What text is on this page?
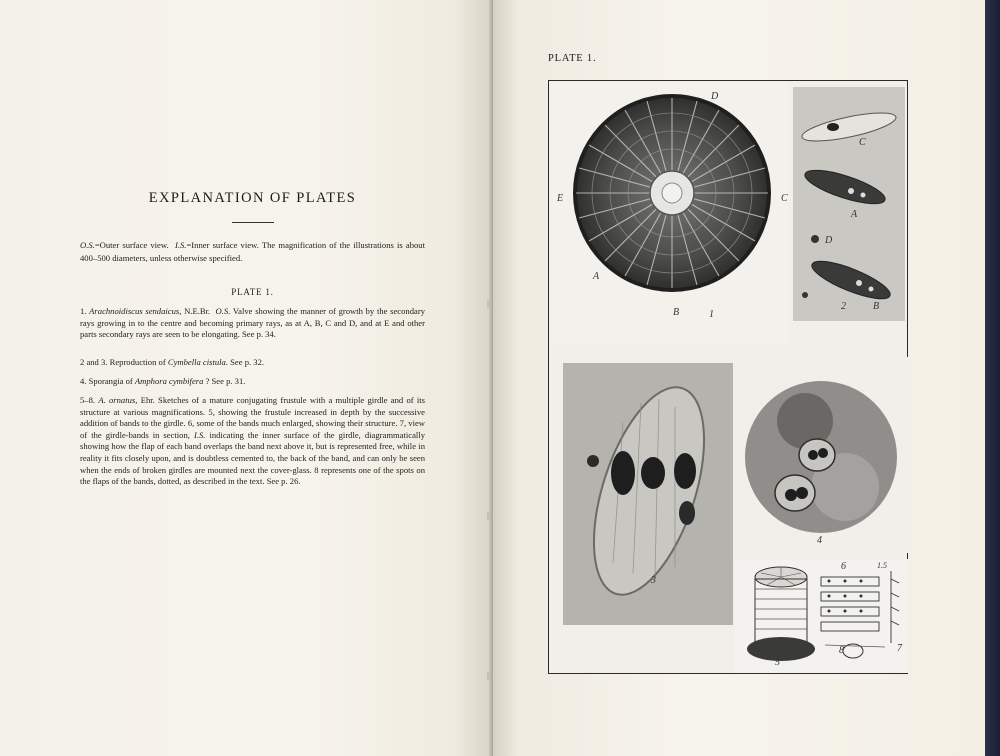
EXPLANATION OF PLATES
O.S.=Outer surface view. I.S.=Inner surface view. The magnification of the illustrations is about 400–500 diameters, unless otherwise specified.
PLATE 1.
1. Arachnoidiscus sendaicus, N.E.Br. O.S. Valve showing the manner of growth by the secondary rays growing in to the centre and becoming primary rays, as at A, B, C and D, and at E and other parts secondary rays are seen to be elongating. See p. 34.
2 and 3. Reproduction of Cymbella cistula. See p. 32.
4. Sporangia of Amphora cymbifera ? See p. 31.
5–8. A. ornatus, Ehr. Sketches of a mature conjugating frustule with a multiple girdle and of its structure at various magnifications. 5, showing the frustule increased in depth by the successive addition of bands to the girdle. 6, some of the bands much enlarged, showing their structure. 7, view of the girdle-bands in section, I.S. indicating the inner surface of the girdle, diagrammatically showing how the flap of each band overlaps the band next above it, but is represented free, while in reality it fits closely upon, and is doubtless cemented to, the back of the band, and can only be seen when the ends of broken girdles are mounted next the cover-glass. 8 represents one of the spots on the flaps of the bands, dotted, as described in the text. See p. 26.
PLATE 1.
D
E	C
A
B	1
C
A
D
2	B
3
4
6	1.5
8	7
5
